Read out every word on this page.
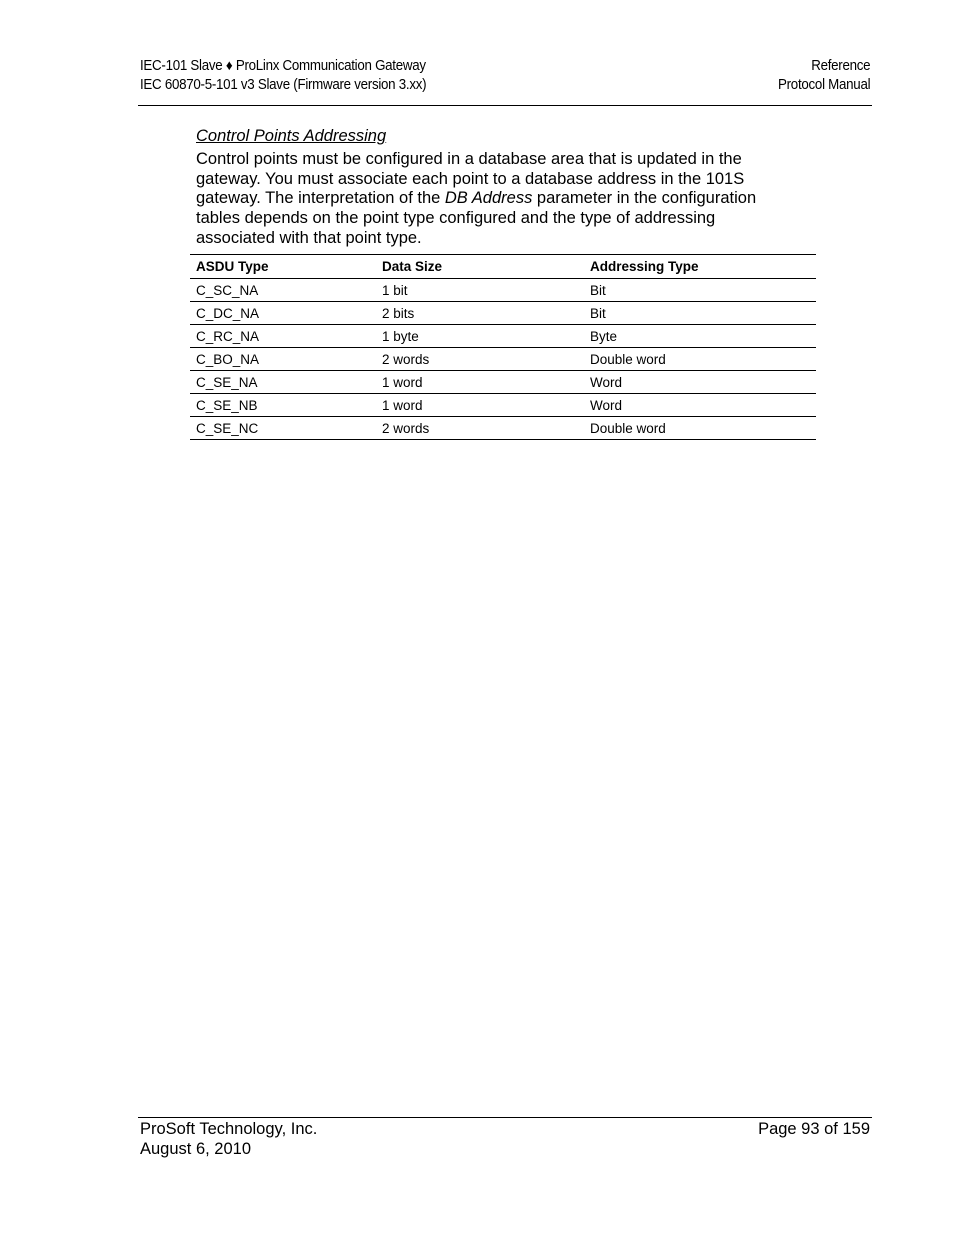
IEC-101 Slave ♦ ProLinx Communication Gateway
IEC 60870-5-101 v3 Slave (Firmware version 3.xx)
Reference
Protocol Manual
Control Points Addressing

Control points must be configured in a database area that is updated in the gateway. You must associate each point to a database address in the 101S gateway. The interpretation of the DB Address parameter in the configuration tables depends on the point type configured and the type of addressing associated with that point type.

ASDU Type	Data Size	Addressing Type
C_SC_NA	1 bit	Bit
C_DC_NA	2 bits	Bit
C_RC_NA	1 byte	Byte
C_BO_NA	2 words	Double word
C_SE_NA	1 word	Word
C_SE_NB	1 word	Word
C_SE_NC	2 words	Double word
ProSoft Technology, Inc.
August 6, 2010
Page 93 of 159
